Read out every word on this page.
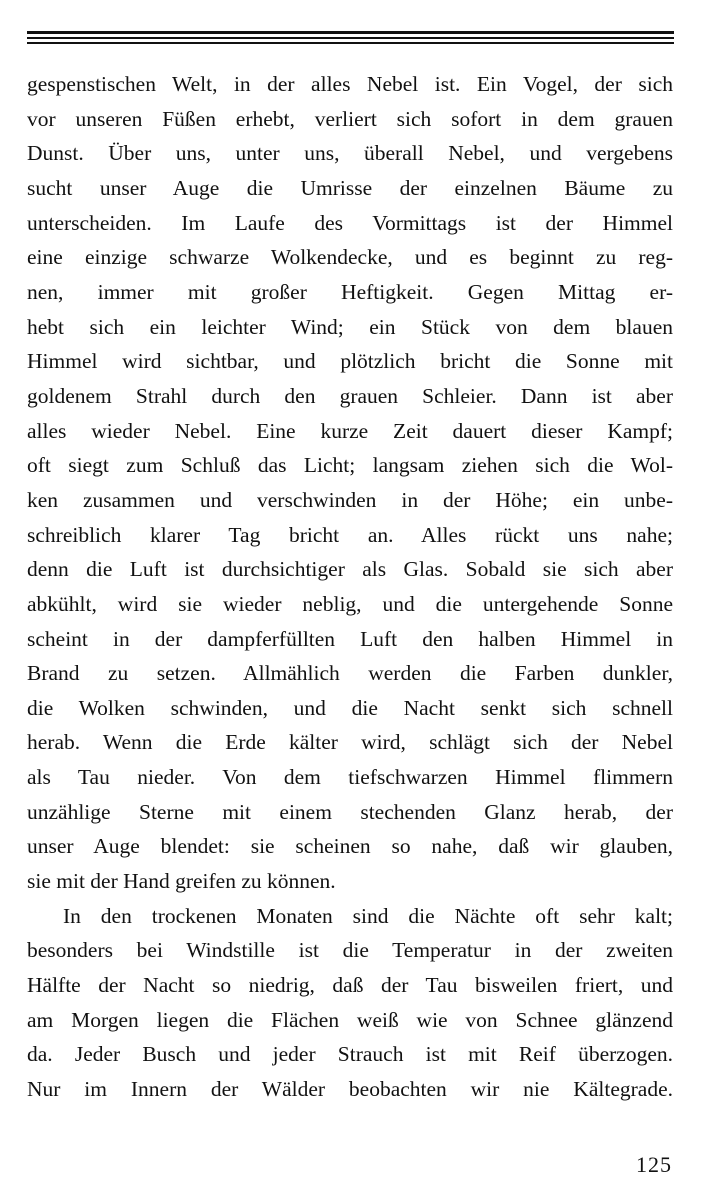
gespenstischen Welt, in der alles Nebel ist. Ein Vogel, der sich
vor unseren Füßen erhebt, verliert sich sofort in dem grauen
Dunst. Über uns, unter uns, überall Nebel, und vergebens
sucht unser Auge die Umrisse der einzelnen Bäume zu
unterscheiden. Im Laufe des Vormittags ist der Himmel
eine einzige schwarze Wolkendecke, und es beginnt zu reg-
nen, immer mit großer Heftigkeit. Gegen Mittag er-
hebt sich ein leichter Wind; ein Stück von dem blauen
Himmel wird sichtbar, und plötzlich bricht die Sonne mit
goldenem Strahl durch den grauen Schleier. Dann ist aber
alles wieder Nebel. Eine kurze Zeit dauert dieser Kampf;
oft siegt zum Schluß das Licht; langsam ziehen sich die Wol-
ken zusammen und verschwinden in der Höhe; ein unbe-
schreiblich klarer Tag bricht an. Alles rückt uns nahe;
denn die Luft ist durchsichtiger als Glas. Sobald sie sich aber
abkühlt, wird sie wieder neblig, und die untergehende Sonne
scheint in der dampferfüllten Luft den halben Himmel in
Brand zu setzen. Allmählich werden die Farben dunkler,
die Wolken schwinden, und die Nacht senkt sich schnell
herab. Wenn die Erde kälter wird, schlägt sich der Nebel
als Tau nieder. Von dem tiefschwarzen Himmel flimmern
unzählige Sterne mit einem stechenden Glanz herab, der
unser Auge blendet: sie scheinen so nahe, daß wir glauben,
sie mit der Hand greifen zu können.
In den trockenen Monaten sind die Nächte oft sehr kalt;
besonders bei Windstille ist die Temperatur in der zweiten
Hälfte der Nacht so niedrig, daß der Tau bisweilen friert, und
am Morgen liegen die Flächen weiß wie von Schnee glänzend
da. Jeder Busch und jeder Strauch ist mit Reif überzogen.
Nur im Innern der Wälder beobachten wir nie Kältegrade.
125
